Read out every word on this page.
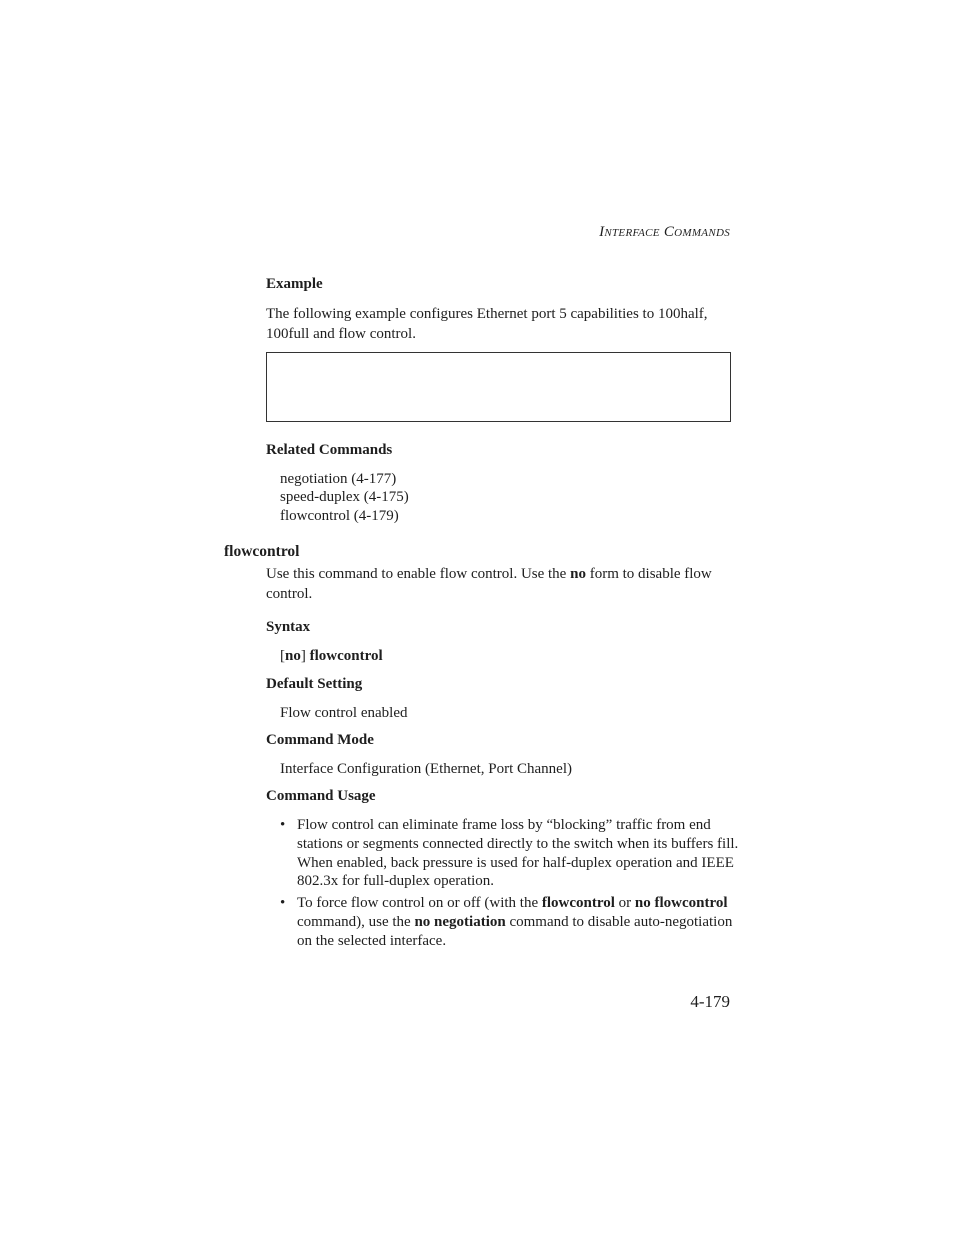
INTERFACE COMMANDS
Example
The following example configures Ethernet port 5 capabilities to 100half,
100full and flow control.
Related Commands
negotiation (4-177)
speed-duplex (4-175)
flowcontrol (4-179)
flowcontrol
Use this command to enable flow control. Use the no form to disable flow
control.
Syntax
[no] flowcontrol
Default Setting
Flow control enabled
Command Mode
Interface Configuration (Ethernet, Port Channel)
Command Usage
• Flow control can eliminate frame loss by “blocking” traffic from end stations or segments connected directly to the switch when its buffers fill. When enabled, back pressure is used for half-duplex operation and IEEE 802.3x for full-duplex operation.
• To force flow control on or off (with the flowcontrol or no flowcontrol command), use the no negotiation command to disable auto-negotiation on the selected interface.
4-179
